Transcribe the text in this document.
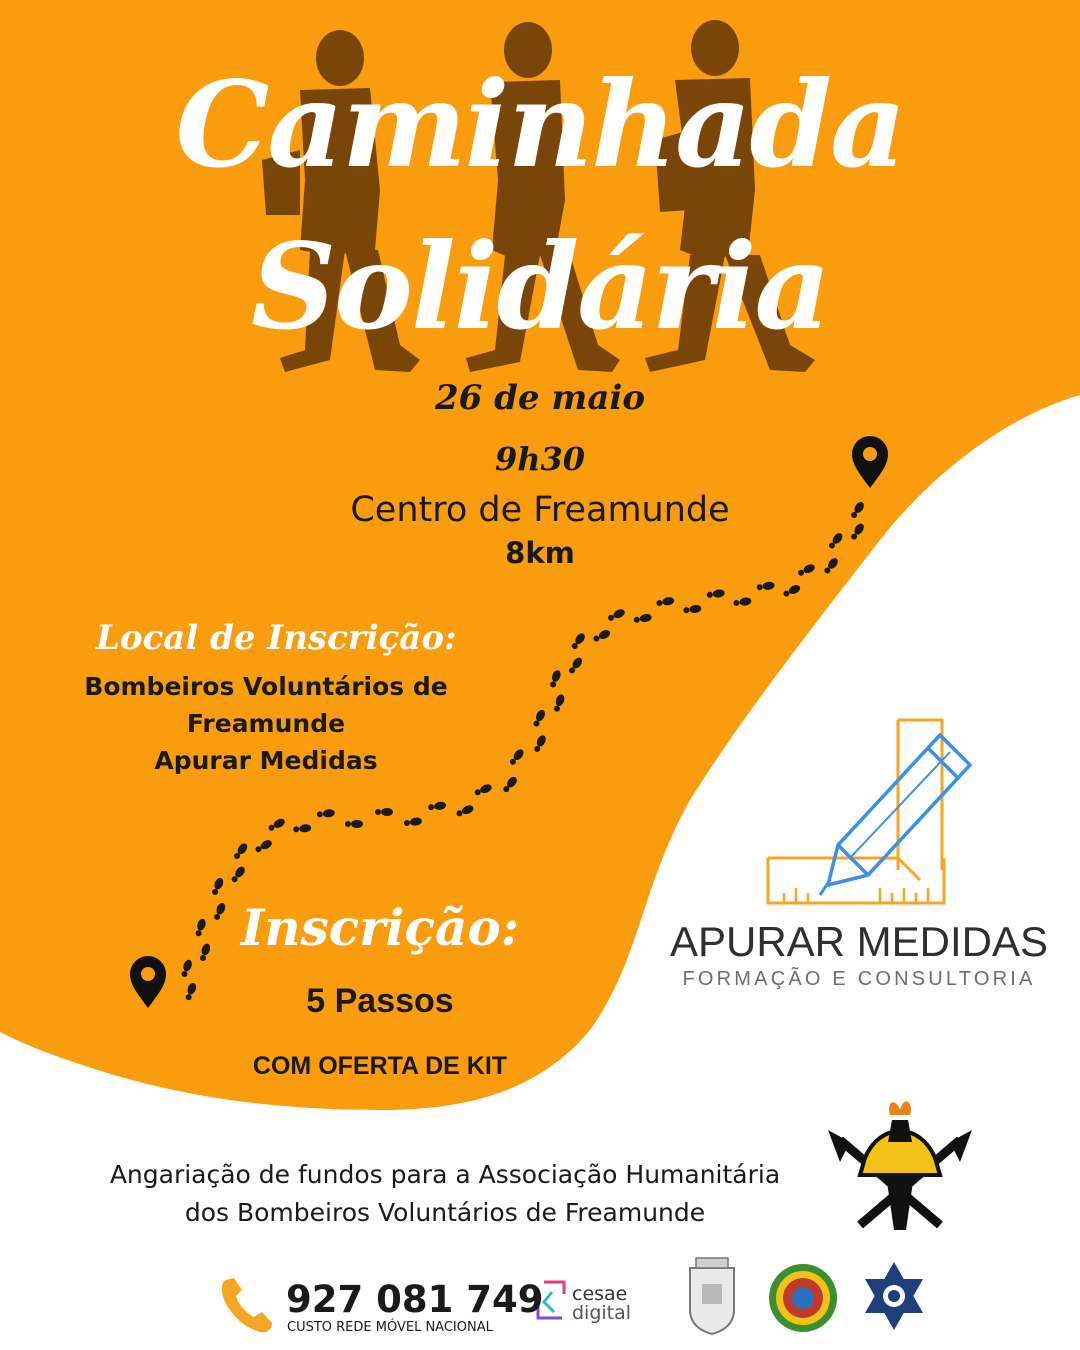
Caminhada
Solidária
26 de maio
9h30
Centro de Freamunde
8km
Local de Inscrição:
Bombeiros Voluntários de
Freamunde
Apurar Medidas
Inscrição:
5 Passos
COM OFERTA DE KIT
APURAR MEDIDAS
FORMAÇÃO E CONSULTORIA
Angariação de fundos para a Associação Humanitária
dos Bombeiros Voluntários de Freamunde
927 081 749
CUSTO REDE MÓVEL NACIONAL
cesae
digital
